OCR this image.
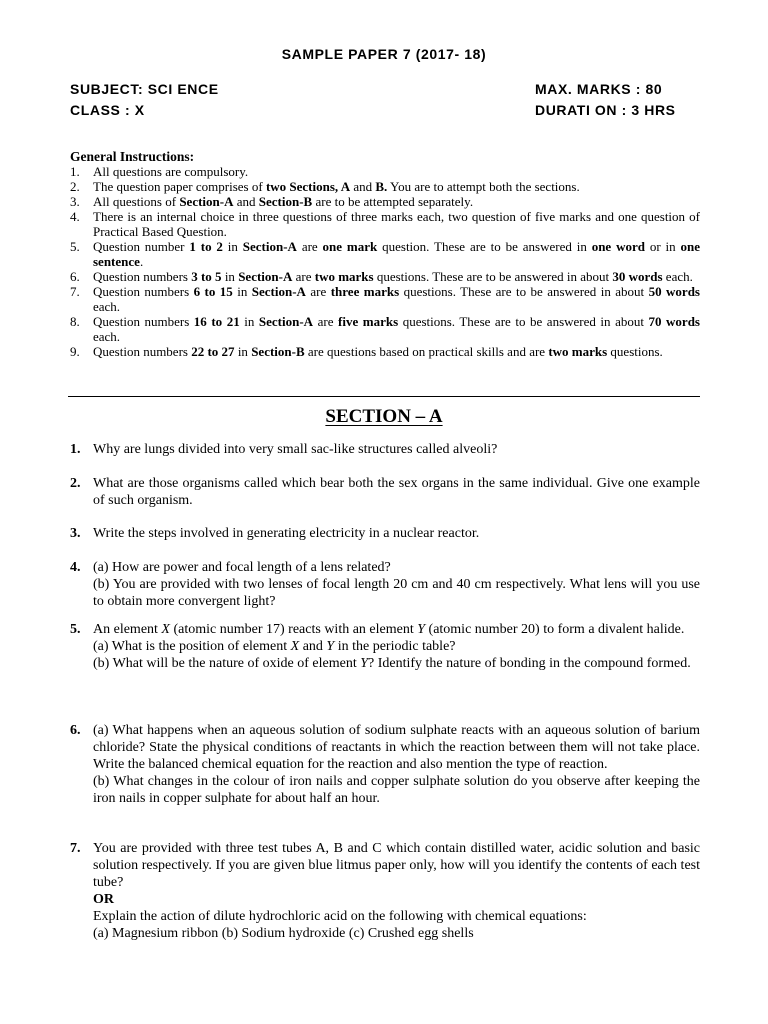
SAMPLE PAPER 7 (2017- 18)
SUBJECT: SCI ENCE
CLASS : X
MAX. MARKS : 80
DURATI ON : 3 HRS
General Instructions:
1. All questions are compulsory.
2. The question paper comprises of two Sections, A and B. You are to attempt both the sections.
3. All questions of Section-A and Section-B are to be attempted separately.
4. There is an internal choice in three questions of three marks each, two question of five marks and one question of Practical Based Question.
5. Question number 1 to 2 in Section-A are one mark question. These are to be answered in one word or in one sentence.
6. Question numbers 3 to 5 in Section-A are two marks questions. These are to be answered in about 30 words each.
7. Question numbers 6 to 15 in Section-A are three marks questions. These are to be answered in about 50 words each.
8. Question numbers 16 to 21 in Section-A are five marks questions. These are to be answered in about 70 words each.
9. Question numbers 22 to 27 in Section-B are questions based on practical skills and are two marks questions.
SECTION – A
1. Why are lungs divided into very small sac-like structures called alveoli?
2. What are those organisms called which bear both the sex organs in the same individual. Give one example of such organism.
3. Write the steps involved in generating electricity in a nuclear reactor.
4. (a) How are power and focal length of a lens related?
(b) You are provided with two lenses of focal length 20 cm and 40 cm respectively. What lens will you use to obtain more convergent light?
5. An element X (atomic number 17) reacts with an element Y (atomic number 20) to form a divalent halide.
(a) What is the position of element X and Y in the periodic table?
(b) What will be the nature of oxide of element Y? Identify the nature of bonding in the compound formed.
6. (a) What happens when an aqueous solution of sodium sulphate reacts with an aqueous solution of barium chloride? State the physical conditions of reactants in which the reaction between them will not take place. Write the balanced chemical equation for the reaction and also mention the type of reaction.
(b) What changes in the colour of iron nails and copper sulphate solution do you observe after keeping the iron nails in copper sulphate for about half an hour.
7. You are provided with three test tubes A, B and C which contain distilled water, acidic solution and basic solution respectively. If you are given blue litmus paper only, how will you identify the contents of each test tube?
OR
Explain the action of dilute hydrochloric acid on the following with chemical equations:
(a) Magnesium ribbon (b) Sodium hydroxide (c) Crushed egg shells
